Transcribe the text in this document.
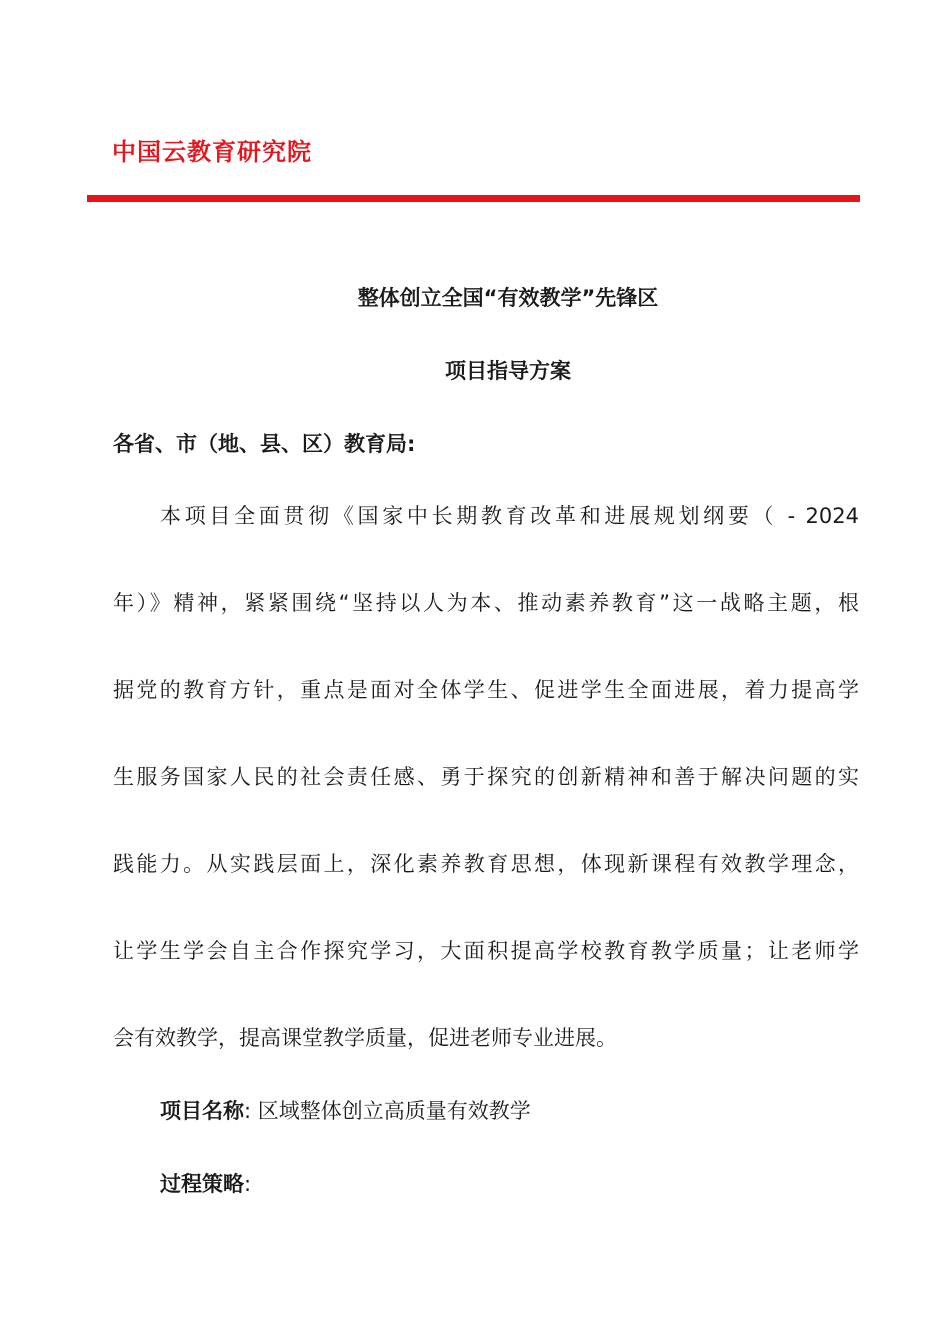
中国云教育研究院
整体创立全国“有效教学”先锋区
项目指导方案
各省、市（地、县、区）教育局:
本项目全面贯彻《国家中长期教育改革和进展规划纲要（ - 2024
年）》精神，紧紧围绕“坚持以人为本、推动素养教育”这一战略主题，根
据党的教育方针，重点是面对全体学生、促进学生全面进展，着力提高学
生服务国家人民的社会责任感、勇于探究的创新精神和善于解决问题的实
践能力。从实践层面上，深化素养教育思想，体现新课程有效教学理念，
让学生学会自主合作探究学习，大面积提高学校教育教学质量；让老师学
会有效教学，提高课堂教学质量，促进老师专业进展。
项目名称: 区域整体创立高质量有效教学
过程策略:
